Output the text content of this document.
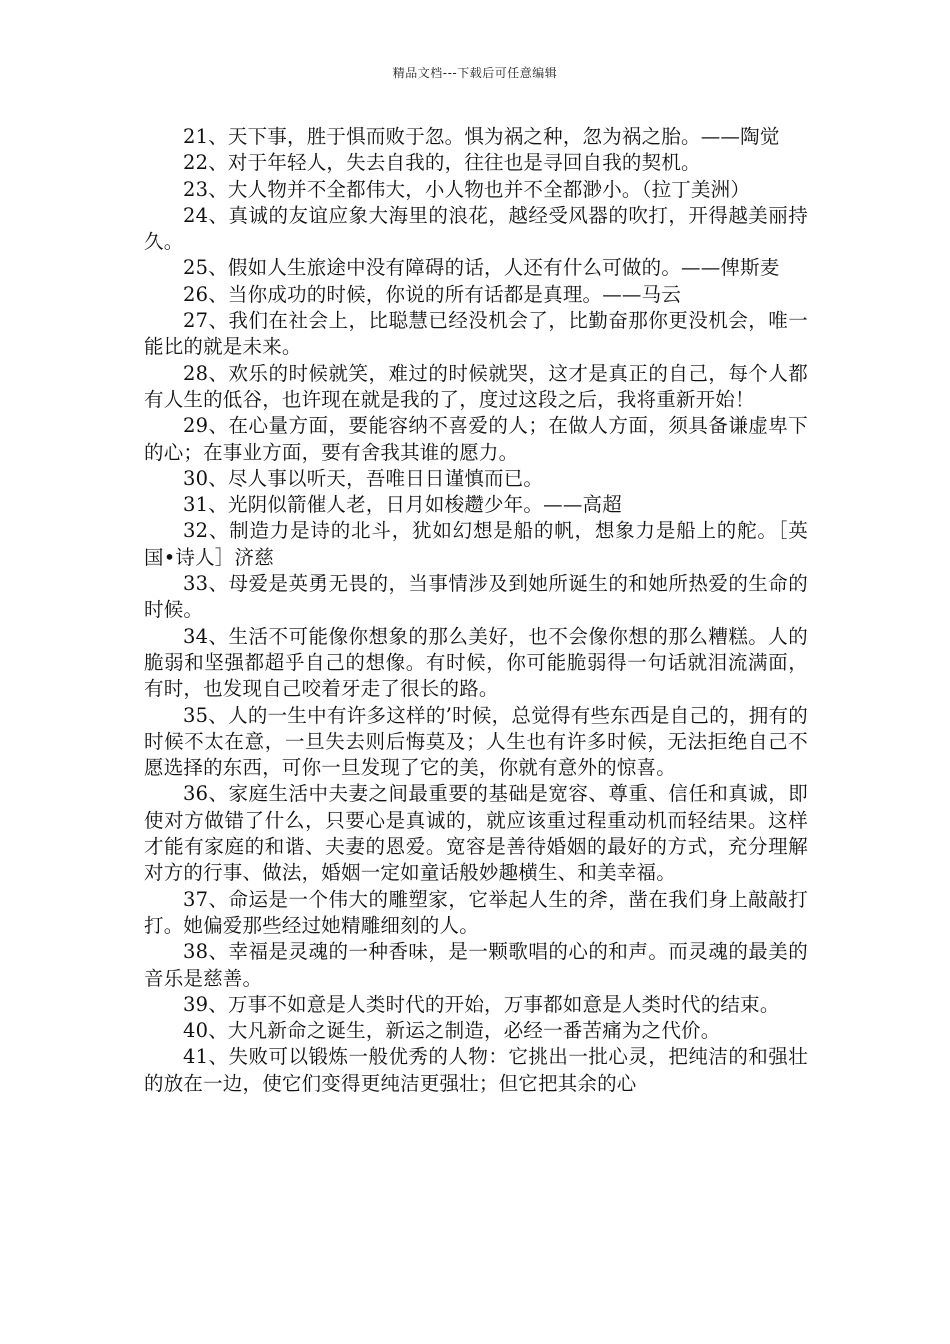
精品文档---下载后可任意编辑

21、天下事，胜于惧而败于忽。惧为祸之种，忽为祸之胎。——陶觉

22、对于年轻人，失去自我的，往往也是寻回自我的契机。

23、大人物并不全都伟大，小人物也并不全都渺小。（拉丁美洲）

24、真诚的友谊应象大海里的浪花，越经受风器的吹打，开得越美丽持久。

25、假如人生旅途中没有障碍的话，人还有什么可做的。——俾斯麦

26、当你成功的时候，你说的所有话都是真理。——马云

27、我们在社会上，比聪慧已经没机会了，比勤奋那你更没机会，唯一能比的就是未来。

28、欢乐的时候就笑，难过的时候就哭，这才是真正的自己，每个人都有人生的低谷，也许现在就是我的了，度过这段之后，我将重新开始！

29、在心量方面，要能容纳不喜爱的人；在做人方面，须具备谦虚卑下的心；在事业方面，要有舍我其谁的愿力。

30、尽人事以听天，吾唯日日谨慎而已。

31、光阴似箭催人老，日月如梭趱少年。——高超

32、制造力是诗的北斗，犹如幻想是船的帆，想象力是船上的舵。［英国•诗人］济慈

33、母爱是英勇无畏的，当事情涉及到她所诞生的和她所热爱的生命的时候。

34、生活不可能像你想象的那么美好，也不会像你想的那么糟糕。人的脆弱和坚强都超乎自己的想像。有时候，你可能脆弱得一句话就泪流满面，有时，也发现自己咬着牙走了很长的路。

35、人的一生中有许多这样的’时候，总觉得有些东西是自己的，拥有的时候不太在意，一旦失去则后悔莫及；人生也有许多时候，无法拒绝自己不愿选择的东西，可你一旦发现了它的美，你就有意外的惊喜。

36、家庭生活中夫妻之间最重要的基础是宽容、尊重、信任和真诚，即使对方做错了什么，只要心是真诚的，就应该重过程重动机而轻结果。这样才能有家庭的和谐、夫妻的恩爱。宽容是善待婚姻的最好的方式，充分理解对方的行事、做法，婚姻一定如童话般妙趣横生、和美幸福。

37、命运是一个伟大的雕塑家，它举起人生的斧，凿在我们身上敲敲打打。她偏爱那些经过她精雕细刻的人。

38、幸福是灵魂的一种香味，是一颗歌唱的心的和声。而灵魂的最美的音乐是慈善。

39、万事不如意是人类时代的开始，万事都如意是人类时代的结束。

40、大凡新命之诞生，新运之制造，必经一番苦痛为之代价。

41、失败可以锻炼一般优秀的人物：它挑出一批心灵，把纯洁的和强壮 的放在一边，使它们变得更纯洁更强壮；但它把其余的心
